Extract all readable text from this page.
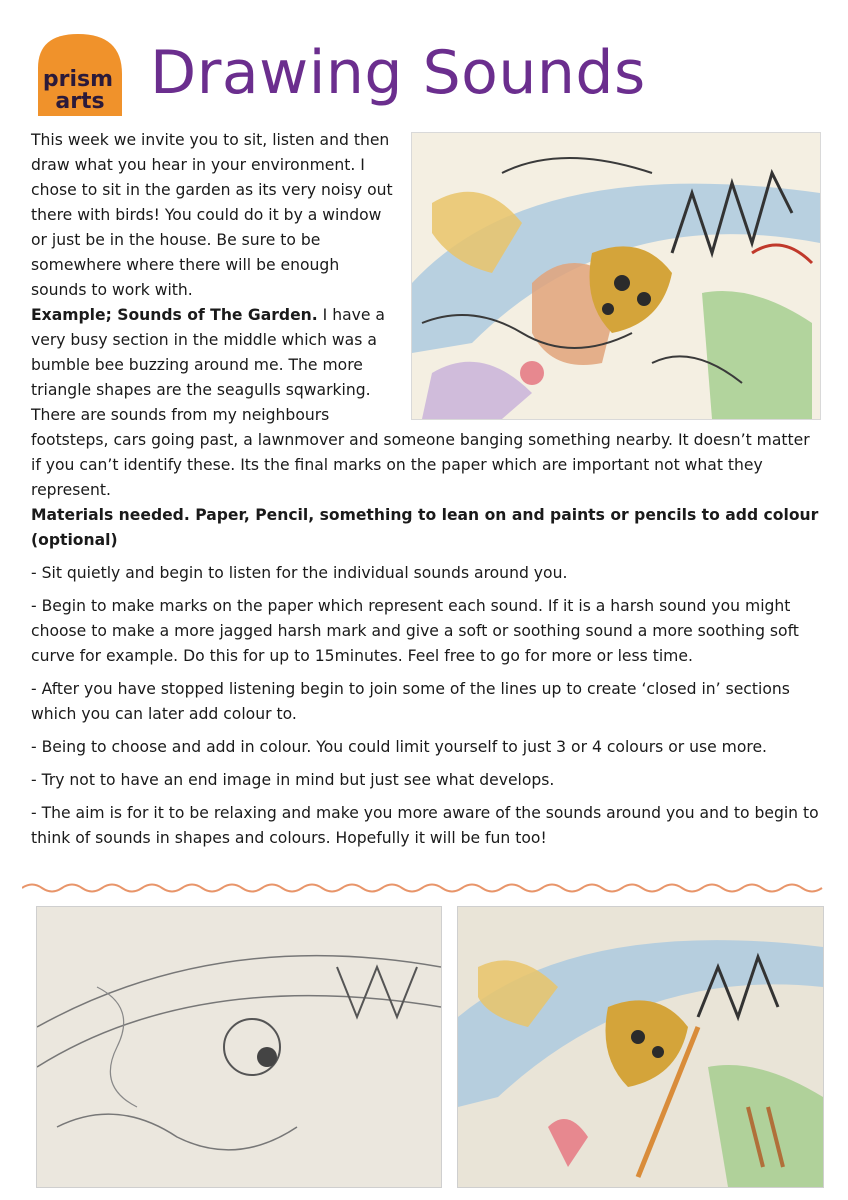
prism
arts Drawing Sounds

This week we invite you to sit, listen and then draw what you hear in your environment. I chose to sit in the garden as its very noisy out there with birds! You could do it by a window or just be in the house. Be sure to be somewhere where there will be enough sounds to work with.

Example; Sounds of The Garden. I have a very busy section in the middle which was a bumble bee buzzing around me. The more triangle shapes are the seagulls sqwarking. There are sounds from my neighbours footsteps, cars going past, a lawnmover and someone banging something nearby. It doesn’t matter if you can’t identify these. Its the final marks on the paper which are important not what they represent.

Materials needed. Paper, Pencil, something to lean on and paints or pencils to add colour (optional)

- Sit quietly and begin to listen for the individual sounds around you.

- Begin to make marks on the paper which represent each sound. If it is a harsh sound you might choose to make a more jagged harsh mark and give a soft or soothing sound a more soothing soft curve for example. Do this for up to 15minutes. Feel free to go for more or less time.

- After you have stopped listening begin to join some of the lines up to create ‘closed in’ sections which you can later add colour to.

- Being to choose and add in colour. You could limit yourself to just 3 or 4 colours or use more.

- Try not to have an end image in mind but just see what develops.

- The aim is for it to be relaxing and make you more aware of the sounds around you and to begin to think of sounds in shapes and colours. Hopefully it will be fun too!
